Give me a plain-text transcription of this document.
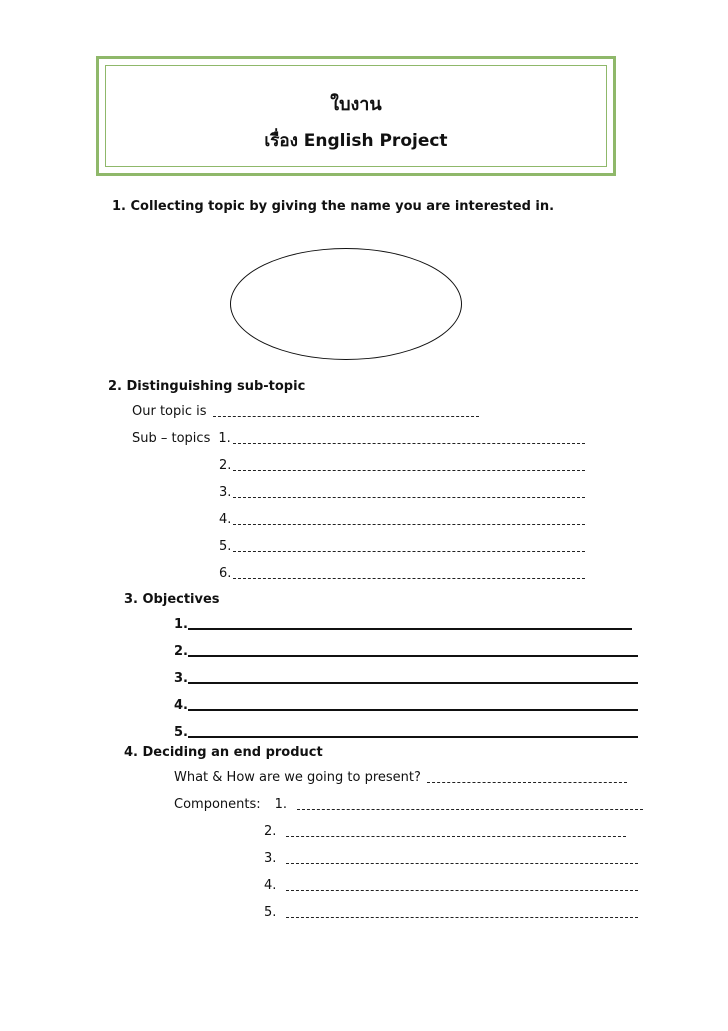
ใบงาน
เรื่อง English Project
1. Collecting topic by giving the name you are interested in.
2. Distinguishing sub-topic
Our topic is
Sub – topics 1.
2.
3.
4.
5.
6.
3. Objectives
1.
2.
3.
4.
5.
4. Deciding an end product
What & How are we going to present?
Components: 1.
2.
3.
4.
5.
